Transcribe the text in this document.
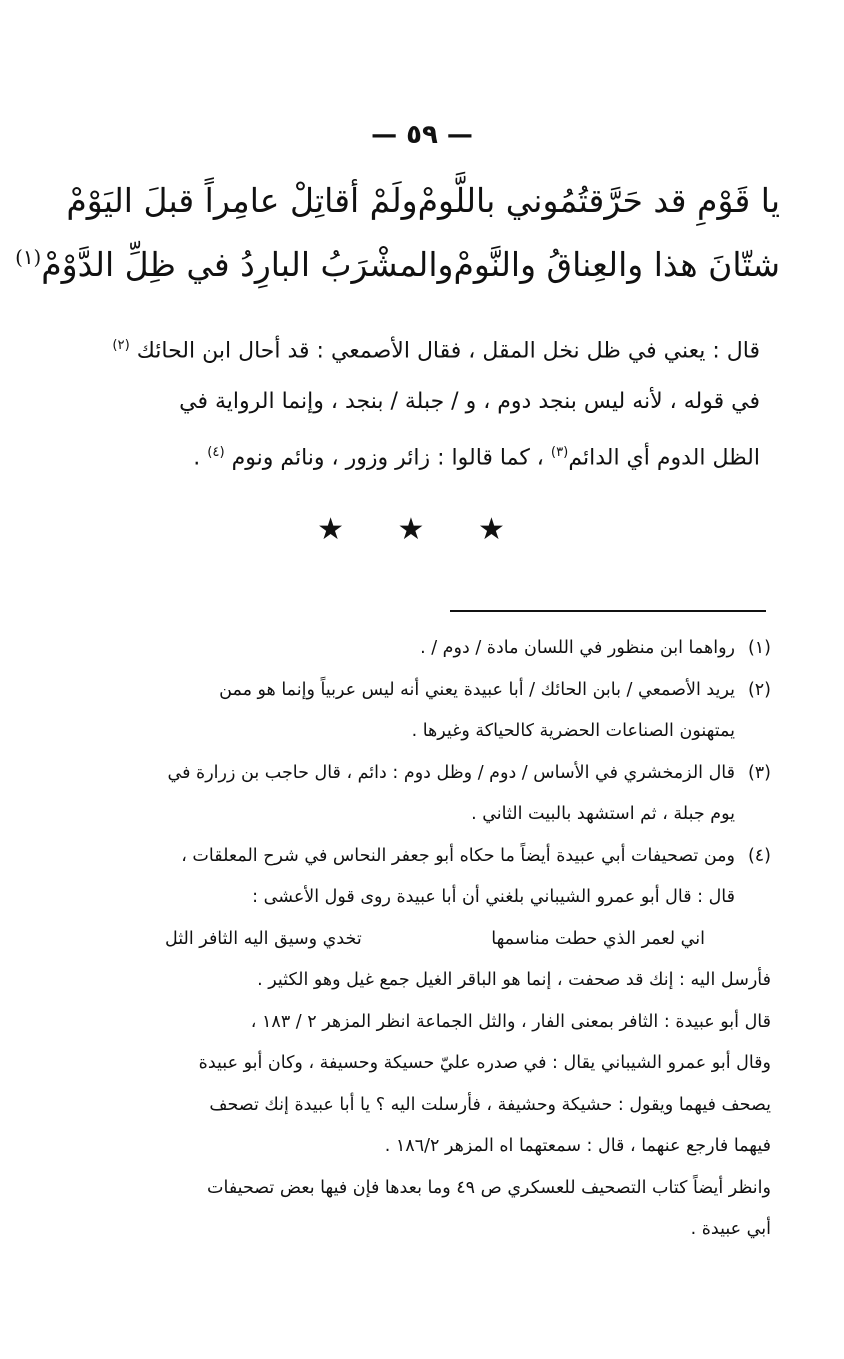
— ٥٩ —
يا قَوْمِ قد حَرَّقتُمُوني باللَّومْ
ولَمْ أقاتِلْ عامِراً قبلَ اليَوْمْ
شتّانَ هذا والعِناقُ والنَّومْ
والمشْرَبُ البارِدُ في ظِلِّ الدَّوْمْ$^{(١)}$

قال : يعني في ظل نخل المقل ، فقال الأصمعي : قد أحال ابن الحائك $^{(٢)}$

في قوله ، لأنه ليس بنجد دوم ، و / جبلة / بنجد ، وإنما الرواية في

الظل الدوم أي الدائم$^{(٣)}$ ، كما قالوا : زائر وزور ، ونائم ونوم $^{(٤)}$ .

★ ★ ★
(١)
رواهما ابن منظور في اللسان مادة / دوم / .
(٢)
يريد الأصمعي / بابن الحائك / أبا عبيدة يعني أنه ليس عربياً وإنما هو ممن
يمتهنون الصناعات الحضرية كالحياكة وغيرها .
(٣)
قال الزمخشري في الأساس / دوم / وظل دوم : دائم ، قال حاجب بن زرارة في
يوم جبلة ، ثم استشهد بالبيت الثاني .
(٤)
ومن تصحيفات أبي عبيدة أيضاً ما حكاه أبو جعفر النحاس في شرح المعلقات ،
قال : قال أبو عمرو الشيباني بلغني أن أبا عبيدة روى قول الأعشى :
اني لعمر الذي حطت مناسمها
تخدي وسيق اليه الثافر الثل
فأرسل اليه : إنك قد صحفت ، إنما هو الباقر الغيل جمع غيل وهو الكثير .
قال أبو عبيدة : الثافر بمعنى الفار ، والثل الجماعة انظر المزهر ٢ / ١٨٣ ،
وقال أبو عمرو الشيباني يقال : في صدره عليّ حسيكة وحسيفة ، وكان أبو عبيدة
يصحف فيهما ويقول : حشيكة وحشيفة ، فأرسلت اليه ؟ يا أبا عبيدة إنك تصحف
فيهما فارجع عنهما ، قال : سمعتهما اه المزهر ١٨٦/٢ .
وانظر أيضاً كتاب التصحيف للعسكري ص ٤٩ وما بعدها فإن فيها بعض تصحيفات
أبي عبيدة .
